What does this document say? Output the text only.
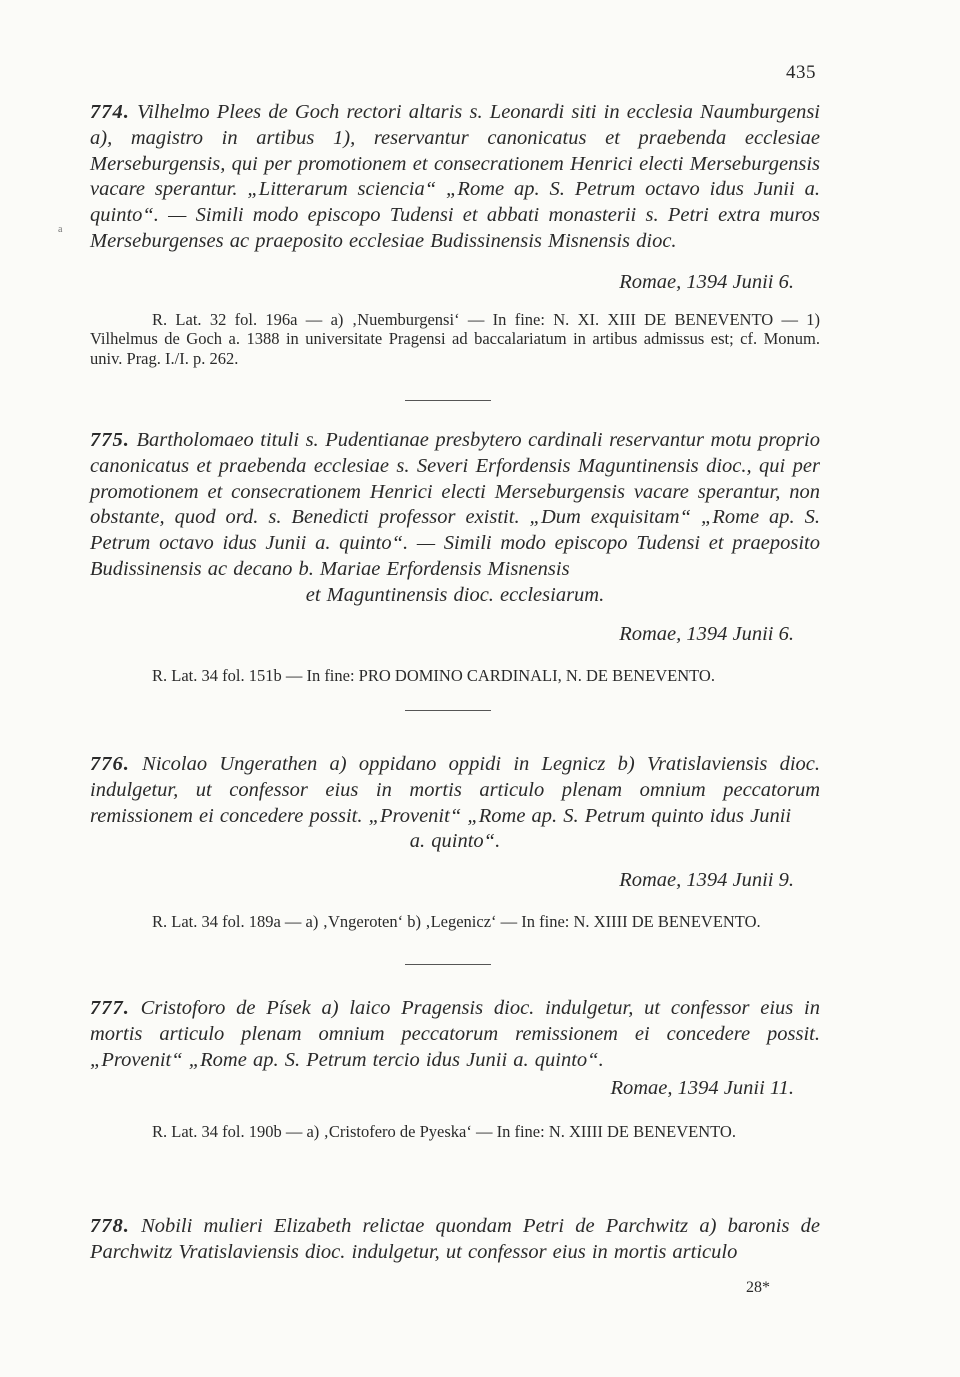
435
a

774. Vilhelmo Plees de Goch rectori altaris s. Leonardi siti in ecclesia Naumburgensi a), magistro in artibus 1), reservantur canonicatus et praebenda ecclesiae Merseburgensis, qui per promotionem et consecrationem Henrici electi Merseburgensis vacare sperantur. „Litterarum sciencia“ „Rome ap. S. Petrum octavo idus Junii a. quinto“. — Simili modo episcopo Tudensi et abbati monasterii s. Petri extra muros Merseburgenses ac praeposito ecclesiae Budissinensis Misnensis dioc.

Romae, 1394 Junii 6.

R. Lat. 32 fol. 196a — a) ‚Nuemburgensi‘ — In fine: N. XI. XIII DE BENEVENTO — 1) Vilhelmus de Goch a. 1388 in universitate Pragensi ad baccalariatum in artibus admissus est; cf. Monum. univ. Prag. I./I. p. 262.

775. Bartholomaeo tituli s. Pudentianae presbytero cardinali reservantur motu proprio canonicatus et praebenda ecclesiae s. Severi Erfordensis Maguntinensis dioc., qui per promotionem et consecrationem Henrici electi Merseburgensis vacare sperantur, non obstante, quod ord. s. Benedicti professor existit. „Dum exquisitam“ „Rome ap. S. Petrum octavo idus Junii a. quinto“. — Simili modo episcopo Tudensi et praeposito Budissinensis ac decano b. Mariae Erfordensis Misnensis

et Maguntinensis dioc. ecclesiarum.

Romae, 1394 Junii 6.

R. Lat. 34 fol. 151b — In fine: PRO DOMINO CARDINALI, N. DE BENEVENTO.

776. Nicolao Ungerathen a) oppidano oppidi in Legnicz b) Vratislaviensis dioc. indulgetur, ut confessor eius in mortis articulo plenam omnium peccatorum remissionem ei concedere possit. „Provenit“ „Rome ap. S. Petrum quinto idus Junii

a. quinto“.

Romae, 1394 Junii 9.

R. Lat. 34 fol. 189a — a) ‚Vngeroten‘ b) ‚Legenicz‘ — In fine: N. XIIII DE BENEVENTO.

777. Cristoforo de Písek a) laico Pragensis dioc. indulgetur, ut confessor eius in mortis articulo plenam omnium peccatorum remissionem ei concedere possit. „Provenit“ „Rome ap. S. Petrum tercio idus Junii a. quinto“.

Romae, 1394 Junii 11.

R. Lat. 34 fol. 190b — a) ‚Cristofero de Pyeska‘ — In fine: N. XIIII DE BENEVENTO.

778. Nobili mulieri Elizabeth relictae quondam Petri de Parchwitz a) baronis de Parchwitz Vratislaviensis dioc. indulgetur, ut confessor eius in mortis articulo

28*
